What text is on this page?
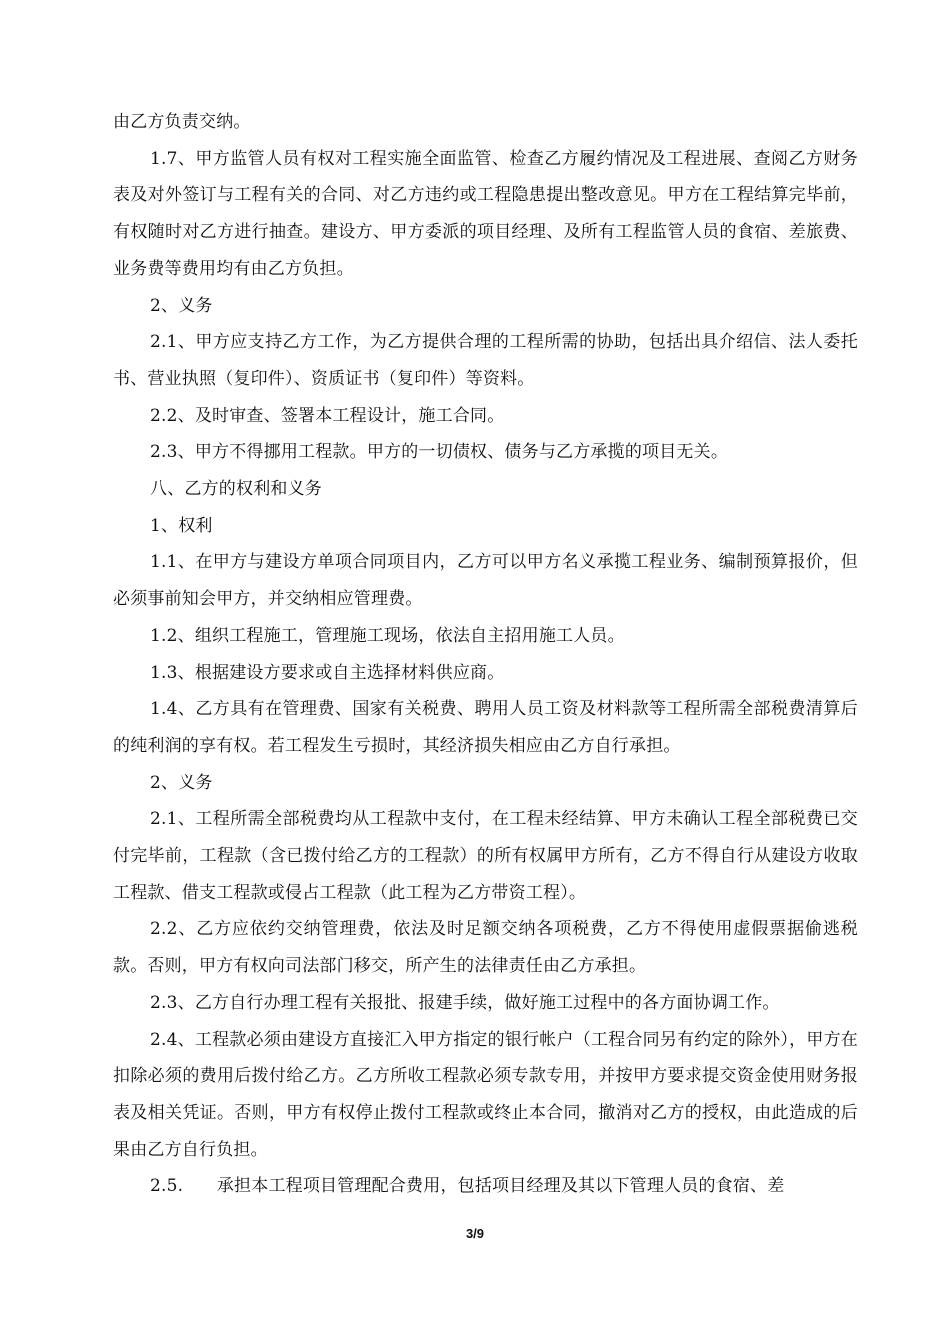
由乙方负责交纳。

1.7、甲方监管人员有权对工程实施全面监管、检查乙方履约情况及工程进展、查阅乙方财务表及对外签订与工程有关的合同、对乙方违约或工程隐患提出整改意见。甲方在工程结算完毕前，有权随时对乙方进行抽查。建设方、甲方委派的项目经理、及所有工程监管人员的食宿、差旅费、业务费等费用均有由乙方负担。

2、义务

2.1、甲方应支持乙方工作，为乙方提供合理的工程所需的协助，包括出具介绍信、法人委托书、营业执照（复印件）、资质证书（复印件）等资料。

2.2、及时审查、签署本工程设计，施工合同。

2.3、甲方不得挪用工程款。甲方的一切债权、债务与乙方承揽的项目无关。

八、乙方的权利和义务

1、权利

1.1、在甲方与建设方单项合同项目内，乙方可以甲方名义承揽工程业务、编制预算报价，但必须事前知会甲方，并交纳相应管理费。

1.2、组织工程施工，管理施工现场，依法自主招用施工人员。

1.3、根据建设方要求或自主选择材料供应商。

1.4、乙方具有在管理费、国家有关税费、聘用人员工资及材料款等工程所需全部税费清算后的纯利润的享有权。若工程发生亏损时，其经济损失相应由乙方自行承担。

2、义务

2.1、工程所需全部税费均从工程款中支付，在工程未经结算、甲方未确认工程全部税费已交付完毕前，工程款（含已拨付给乙方的工程款）的所有权属甲方所有，乙方不得自行从建设方收取工程款、借支工程款或侵占工程款（此工程为乙方带资工程）。

2.2、乙方应依约交纳管理费，依法及时足额交纳各项税费，乙方不得使用虚假票据偷逃税款。否则，甲方有权向司法部门移交，所产生的法律责任由乙方承担。

2.3、乙方自行办理工程有关报批、报建手续，做好施工过程中的各方面协调工作。

2.4、工程款必须由建设方直接汇入甲方指定的银行帐户（工程合同另有约定的除外），甲方在扣除必须的费用后拨付给乙方。乙方所收工程款必须专款专用，并按甲方要求提交资金使用财务报表及相关凭证。否则，甲方有权停止拨付工程款或终止本合同，撤消对乙方的授权，由此造成的后果由乙方自行负担。

2.5.      承担本工程项目管理配合费用，包括项目经理及其以下管理人员的食宿、差

3/9
